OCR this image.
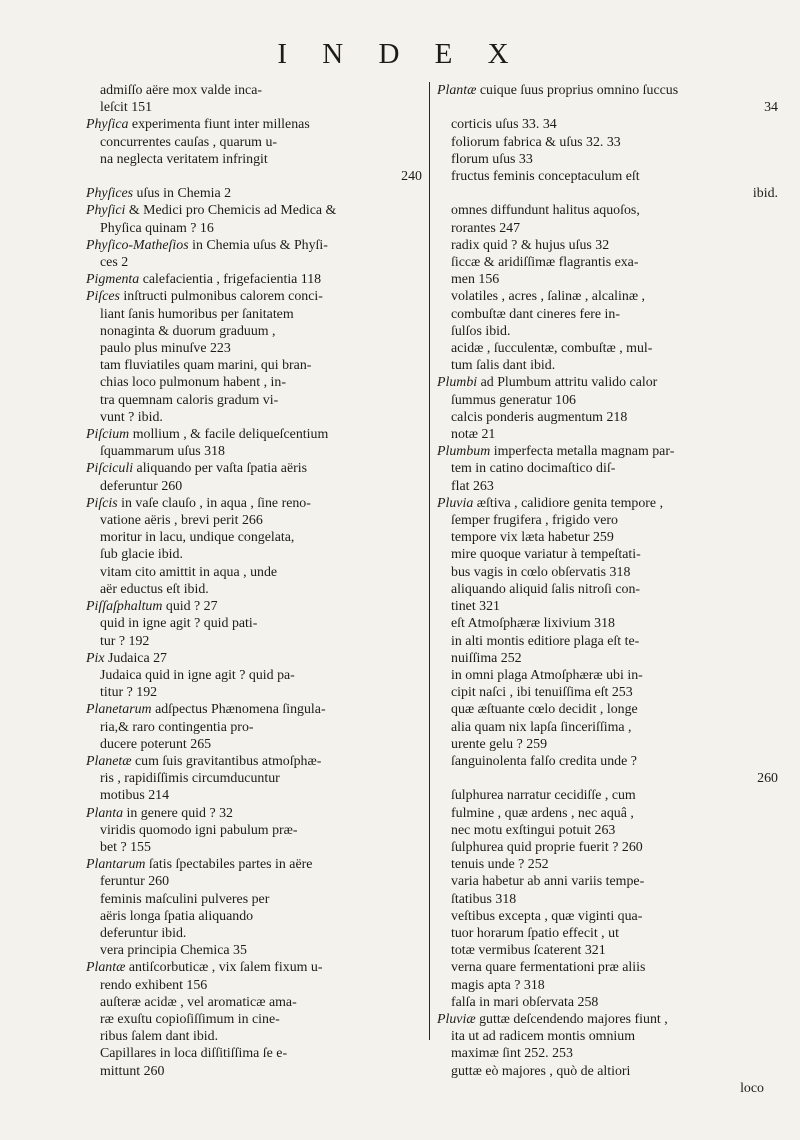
I N D E X
admiſſo aëre mox valde inca-
leſcit 151
Phyſica experimenta fiunt inter millenas
concurrentes cauſas , quarum u-
na neglecta veritatem infringit
240
Phyſices uſus in Chemia 2
Phyſici & Medici pro Chemicis ad Medica &
Phyſica quinam ? 16
Phyſico-Mathеſios in Chemia uſus & Phyſi-
ces 2
Pigmenta calefacientia , frigefacientia 118
Piſces inſtructi pulmonibus calorem conci-
liant ſanis humoribus per ſanitatem
nonaginta & duorum graduum ,
paulo plus minuſve 223
tam fluviatiles quam marini, qui bran-
chias loco pulmonum habent , in-
tra quemnam caloris gradum vi-
vunt ? ibid.
Piſcium mollium , & facile deliqueſcentium
ſquammarum uſus 318
Piſciculi aliquando per vaſta ſpatia aëris
deferuntur 260
Piſcis in vaſe clauſo , in aqua , ſine reno-
vatione aëris , brevi perit 266
moritur in lacu, undique congelata,
ſub glacie ibid.
vitam cito amittit in aqua , unde
aër eductus eſt ibid.
Piſſaſphaltum quid ? 27
quid in igne agit ? quid pati-
tur ? 192
Pix Judaica 27
Judaica quid in igne agit ? quid pa-
titur ? 192
Planetarum adſpectus Phænomena ſingula-
ria,& raro contingentia pro-
ducere poterunt 265
Planetæ cum ſuis gravitantibus atmoſphæ-
ris , rapidiſſimis circumducuntur
motibus 214
Planta in genere quid ? 32
viridis quomodo igni pabulum præ-
bet ? 155
Plantarum ſatis ſpectabiles partes in aëre
feruntur 260
feminis maſculini pulveres per
aëris longa ſpatia aliquando
deferuntur ibid.
vera principia Chemica 35
Plantæ antiſcorbuticæ , vix ſalem fixum u-
rendo exhibent 156
auſteræ acidæ , vel aromaticæ ama-
ræ exuſtu copioſiſſimum in cine-
ribus ſalem dant ibid.
Capillares in loca diſſitiſſima ſe e-
mittunt 260
Plantæ cuique ſuus proprius omnino ſuccus
34
corticis uſus 33. 34
foliorum fabrica & uſus 32. 33
florum uſus 33
fructus feminis conceptaculum eſt
ibid.
omnes diffundunt halitus aquoſos,
rorantes 247
radix quid ? & hujus uſus 32
ſiccæ & aridiſſimæ flagrantis exa-
men 156
volatiles , acres , ſalinæ , alcalinæ ,
combuſtæ dant cineres fere in-
ſulſos ibid.
acidæ , ſucculentæ, combuſtæ , mul-
tum ſalis dant ibid.
Plumbi ad Plumbum attritu valido calor
ſummus generatur 106
calcis ponderis augmentum 218
notæ 21
Plumbum imperfecta metalla magnam par-
tem in catino docimaſtico diſ-
flat 263
Pluvia æſtiva , calidiore genita tempore ,
ſemper frugifera , frigido vero
tempore vix læta habetur 259
mire quoque variatur à tempeſtati-
bus vagis in cœlo obſervatis 318
aliquando aliquid ſalis nitroſi con-
tinet 321
eſt Atmoſphæræ lixivium 318
in alti montis editiore plaga eſt te-
nuiſſima 252
in omni plaga Atmoſphæræ ubi in-
cipit naſci , ibi tenuiſſima eſt 253
quæ æſtuante cœlo decidit , longe
alia quam nix lapſa ſinceriſſima ,
urente gelu ? 259
ſanguinolenta falſo credita unde ?
260
ſulphurea narratur cecidiſſe , cum
fulmine , quæ ardens , nec aquâ ,
nec motu exſtingui potuit 263
ſulphurea quid proprie fuerit ? 260
tenuis unde ? 252
varia habetur ab anni variis tempe-
ſtatibus 318
veſtibus excepta , quæ viginti qua-
tuor horarum ſpatio effecit , ut
totæ vermibus ſcaterent 321
verna quare fermentationi præ aliis
magis apta ? 318
falſa in mari obſervata 258
Pluviæ guttæ deſcendendo majores fiunt ,
ita ut ad radicem montis omnium
maximæ ſint 252. 253
guttæ eò majores , quò de altiori
loco
